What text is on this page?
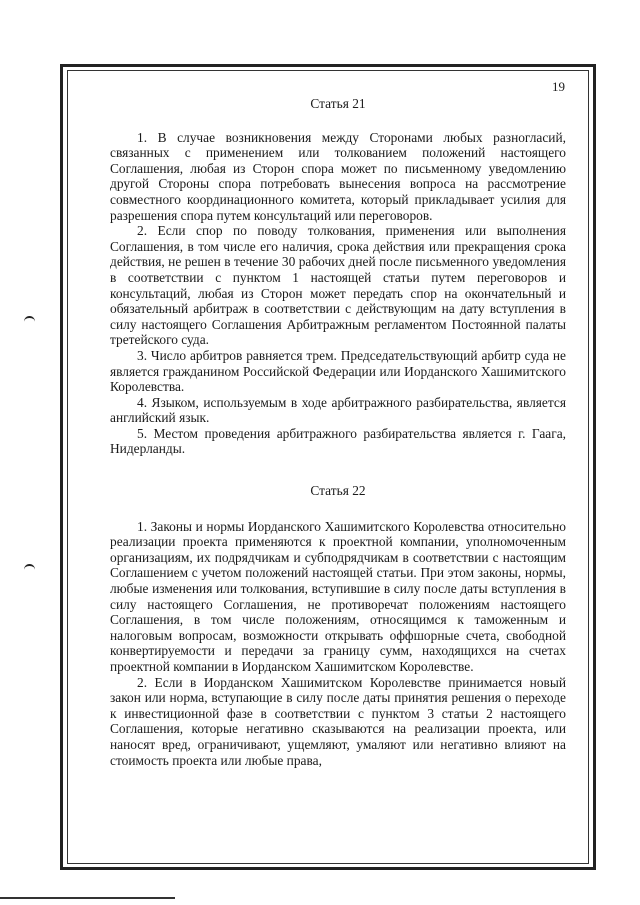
19

Статья 21

1. В случае возникновения между Сторонами любых разногласий, связанных с применением или толкованием положений настоящего Соглашения, любая из Сторон спора может по письменному уведомлению другой Стороны спора потребовать вынесения вопроса на рассмотрение совместного координационного комитета, который прикладывает усилия для разрешения спора путем консультаций или переговоров.

2. Если спор по поводу толкования, применения или выполнения Соглашения, в том числе его наличия, срока действия или прекращения срока действия, не решен в течение 30 рабочих дней после письменного уведомления в соответствии с пунктом 1 настоящей статьи путем переговоров и консультаций, любая из Сторон может передать спор на окончательный и обязательный арбитраж в соответствии с действующим на дату вступления в силу настоящего Соглашения Арбитражным регламентом Постоянной палаты третейского суда.

3. Число арбитров равняется трем. Председательствующий арбитр суда не является гражданином Российской Федерации или Иорданского Хашимитского Королевства.

4. Языком, используемым в ходе арбитражного разбирательства, является английский язык.

5. Местом проведения арбитражного разбирательства является г. Гаага, Нидерланды.

Статья 22

1. Законы и нормы Иорданского Хашимитского Королевства относительно реализации проекта применяются к проектной компании, уполномоченным организациям, их подрядчикам и субподрядчикам в соответствии с настоящим Соглашением с учетом положений настоящей статьи. При этом законы, нормы, любые изменения или толкования, вступившие в силу после даты вступления в силу настоящего Соглашения, не противоречат положениям настоящего Соглашения, в том числе положениям, относящимся к таможенным и налоговым вопросам, возможности открывать оффшорные счета, свободной конвертируемости и передачи за границу сумм, находящихся на счетах проектной компании в Иорданском Хашимитском Королевстве.

2. Если в Иорданском Хашимитском Королевстве принимается новый закон или норма, вступающие в силу после даты принятия решения о переходе к инвестиционной фазе в соответствии с пунктом 3 статьи 2 настоящего Соглашения, которые негативно сказываются на реализации проекта, или наносят вред, ограничивают, ущемляют, умаляют или негативно влияют на стоимость проекта или любые права,
